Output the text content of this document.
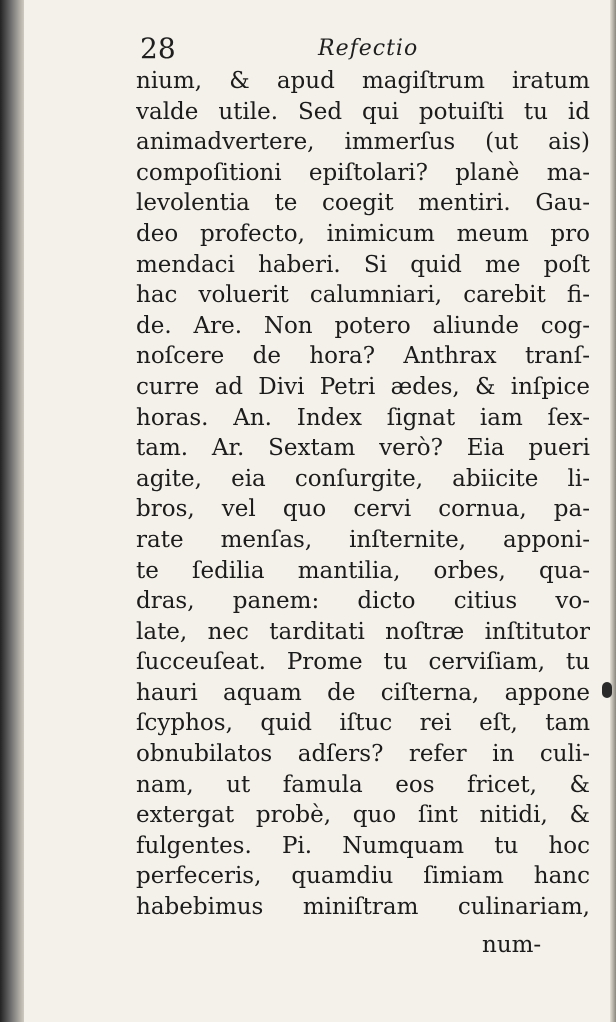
28	Refectio
nium, & apud magiſtrum iratum
valde utile. Sed qui potuiſti tu id
animadvertere, immerſus (ut ais)
compoſitioni epiſtolari? planè ma-
levolentia te coegit mentiri. Gau-
deo profecto, inimicum meum pro
mendaci haberi. Si quid me poſt
hac voluerit calumniari, carebit fi-
de. Are. Non potero aliunde cog-
noſcere de hora? Anthrax tranſ-
curre ad Divi Petri ædes, & inſpice
horas. An. Index ſignat iam ſex-
tam. Ar. Sextam verò? Eia pueri
agite, eia conſurgite, abiicite li-
bros, vel quo cervi cornua, pa-
rate menſas, inſternite, apponi-
te ſedilia mantilia, orbes, qua-
dras, panem: dicto citius vo-
late, nec tarditati noſtræ inſtitutor
ſucceuſeat. Prome tu cerviſiam, tu
hauri aquam de ciſterna, appone
ſcyphos, quid iſtuc rei eſt, tam
obnubilatos adſers? refer in culi-
nam, ut famula eos fricet, &
extergat probè, quo ſint nitidi, &
fulgentes. Pi. Numquam tu hoc
perfeceris, quamdiu ſimiam hanc
habebimus miniſtram culinariam,
num-
